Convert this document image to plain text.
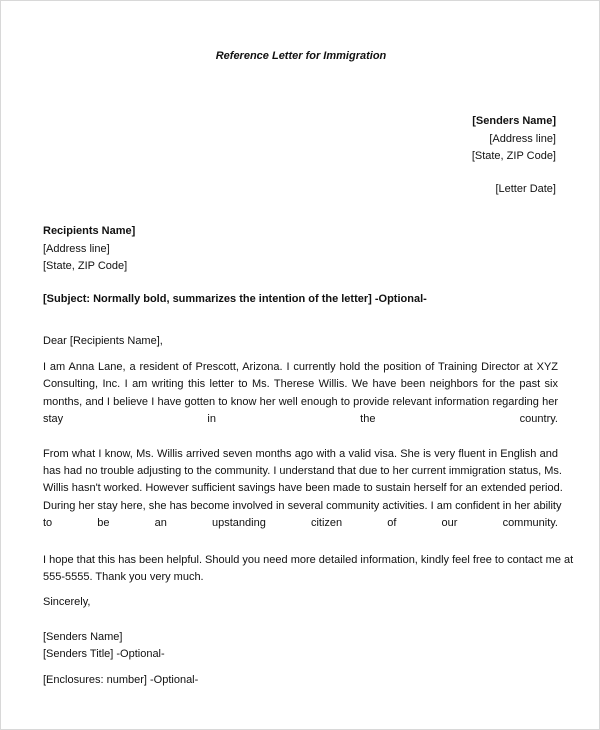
Reference Letter for Immigration
[Senders Name]
[Address line]
[State, ZIP Code]
[Letter Date]
Recipients Name]
[Address line]
[State, ZIP Code]
[Subject: Normally bold, summarizes the intention of the letter] -Optional-
Dear [Recipients Name],
I am Anna Lane, a resident of Prescott, Arizona. I currently hold the position of Training Director at XYZ
Consulting, Inc. I am writing this letter to Ms. Therese Willis. We have been neighbors for the past six
months, and I believe I have gotten to know her well enough to provide relevant information regarding her
stay in the country.
From what I know, Ms. Willis arrived seven months ago with a valid visa. She is very fluent in English and
has had no trouble adjusting to the community. I understand that due to her current immigration status, Ms.
Willis hasn't worked. However sufficient savings have been made to sustain herself for an extended period.
During her stay here, she has become involved in several community activities. I am confident in her ability
to be an upstanding citizen of our community.
I hope that this has been helpful. Should you need more detailed information, kindly feel free to contact me at
555-5555. Thank you very much.
Sincerely,
[Senders Name]
[Senders Title] -Optional-
[Enclosures: number] -Optional-
